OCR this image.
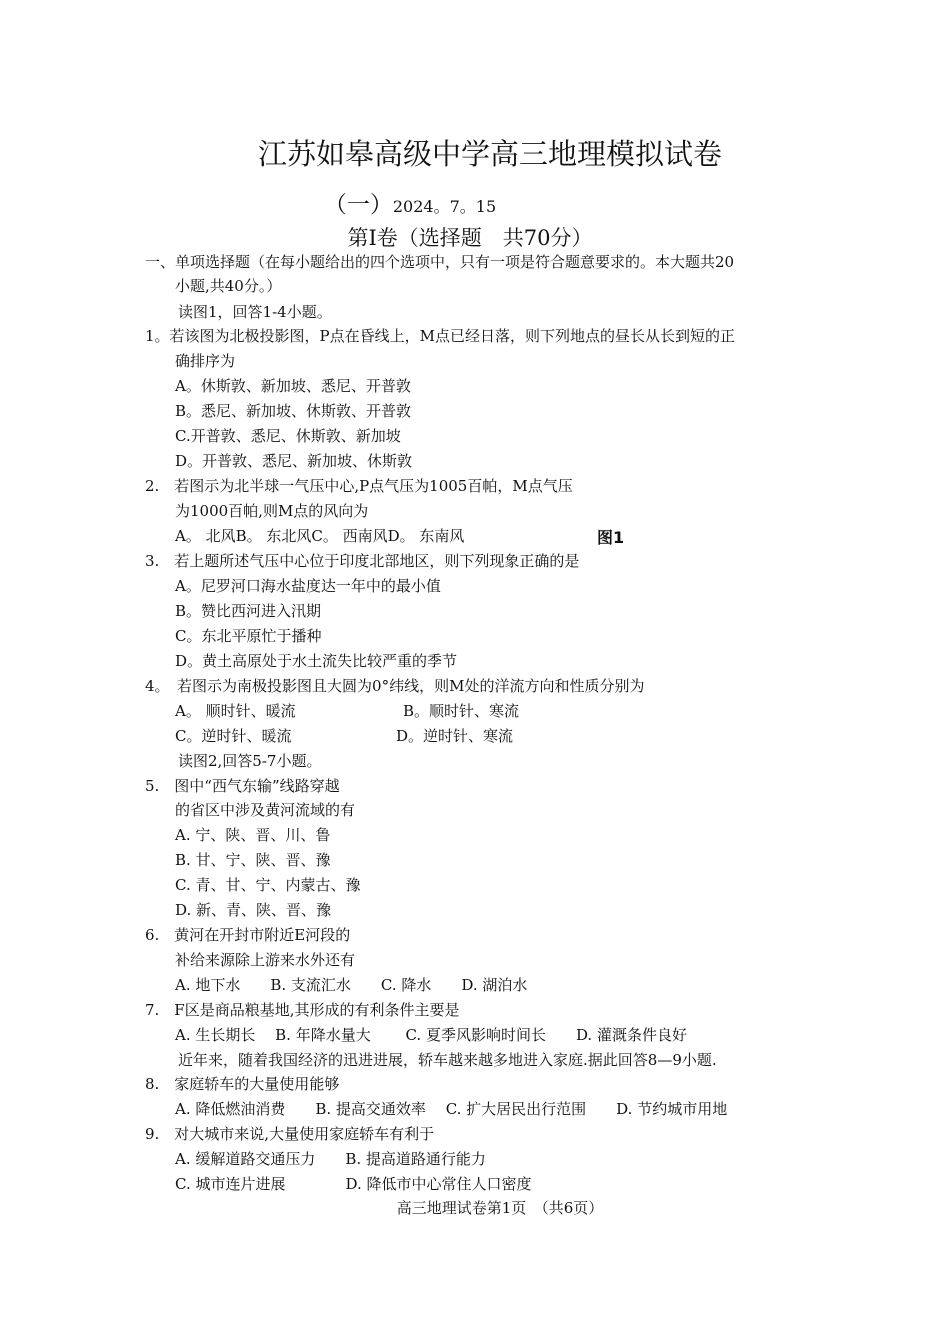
江苏如皋高级中学高三地理模拟试卷
（一）2024。7。15
第Ⅰ卷（选择题　共70分）
一、单项选择题（在每小题给出的四个选项中，只有一项是符合题意要求的。本大题共20
小题,共40分。）
读图1，回答1-4小题。
1。若该图为北极投影图，P点在昏线上，M点已经日落，则下列地点的昼长从长到短的正
确排序为
A。休斯敦、新加坡、悉尼、开普敦
B。悉尼、新加坡、休斯敦、开普敦
C.开普敦、悉尼、休斯敦、新加坡
D。开普敦、悉尼、新加坡、休斯敦
2.　若图示为北半球一气压中心,P点气压为1005百帕，M点气压
为1000百帕,则M点的风向为
A。 北风B。 东北风C。 西南风D。 东南风	图1
3.　若上题所述气压中心位于印度北部地区，则下列现象正确的是
A。尼罗河口海水盐度达一年中的最小值
B。赞比西河进入汛期
C。东北平原忙于播种
D。黄土高原处于水土流失比较严重的季节
4。　若图示为南极投影图且大圆为0°纬线，则M处的洋流方向和性质分别为
A。 顺时针、暖流	B。顺时针、寒流
C。逆时针、暖流	D。逆时针、寒流
读图2,回答5-7小题。
5.　图中“西气东输”线路穿越
的省区中涉及黄河流域的有
A. 宁、陕、晋、川、鲁
B. 甘、宁、陕、晋、豫
C. 青、甘、宁、内蒙古、豫
D. 新、青、陕、晋、豫
6.　黄河在开封市附近E河段的
补给来源除上游来水外还有
A. 地下水　　B. 支流汇水　　C. 降水　　D. 湖泊水
7.　F区是商品粮基地,其形成的有利条件主要是
A. 生长期长　 B. 年降水量大　　 C. 夏季风影响时间长　　D. 灌溉条件良好
近年来，随着我国经济的迅进进展，轿车越来越多地进入家庭.据此回答8—9小题.
8.　家庭轿车的大量使用能够
A. 降低燃油消费　　B. 提高交通效率　 C. 扩大居民出行范围　　D. 节约城市用地
9.　对大城市来说,大量使用家庭轿车有利于
A. 缓解道路交通压力　　B. 提高道路通行能力
C. 城市连片进展　　　　D. 降低市中心常住人口密度
高三地理试卷第1页　（共6页）
